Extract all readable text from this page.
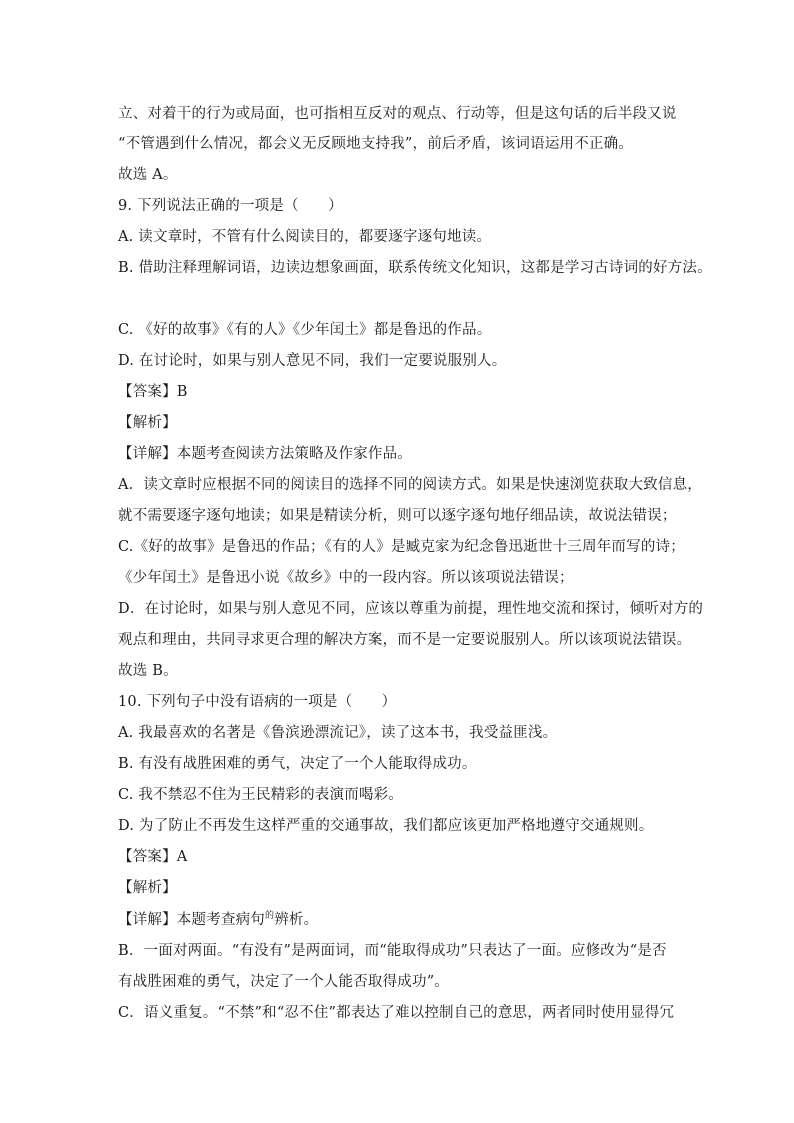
立、对着干的行为或局面，也可指相互反对的观点、行动等，但是这句话的后半段又说
“不管遇到什么情况，都会义无反顾地支持我”，前后矛盾，该词语运用不正确。
故选 A。
9. 下列说法正确的一项是（　　）
A. 读文章时，不管有什么阅读目的，都要逐字逐句地读。
B. 借助注释理解词语，边读边想象画面，联系传统文化知识，这都是学习古诗词的好方法。
C. 《好的故事》《有的人》《少年闰土》都是鲁迅的作品。
D. 在讨论时，如果与别人意见不同，我们一定要说服别人。
【答案】B
【解析】
【详解】本题考查阅读方法策略及作家作品。
A．读文章时应根据不同的阅读目的选择不同的阅读方式。如果是快速浏览获取大致信息，
就不需要逐字逐句地读；如果是精读分析，则可以逐字逐句地仔细品读，故说法错误；
C.《好的故事》是鲁迅的作品；《有的人》是臧克家为纪念鲁迅逝世十三周年而写的诗；
《少年闰土》是鲁迅小说《故乡》中的一段内容。所以该项说法错误；
D．在讨论时，如果与别人意见不同，应该以尊重为前提，理性地交流和探讨，倾听对方的
观点和理由，共同寻求更合理的解决方案，而不是一定要说服别人。所以该项说法错误。
故选 B。
10. 下列句子中没有语病的一项是（　　）
A. 我最喜欢的名著是《鲁滨逊漂流记》，读了这本书，我受益匪浅。
B. 有没有战胜困难的勇气，决定了一个人能取得成功。
C. 我不禁忍不住为王民精彩的表演而喝彩。
D. 为了防止不再发生这样严重的交通事故，我们都应该更加严格地遵守交通规则。
【答案】A
【解析】
【详解】本题考查病句$^的$辨析。
B．一面对两面。“有没有”是两面词，而“能取得成功”只表达了一面。应修改为“是否
有战胜困难的勇气，决定了一个人能否取得成功”。
C．语义重复。“不禁”和“忍不住”都表达了难以控制自己的意思，两者同时使用显得冗
